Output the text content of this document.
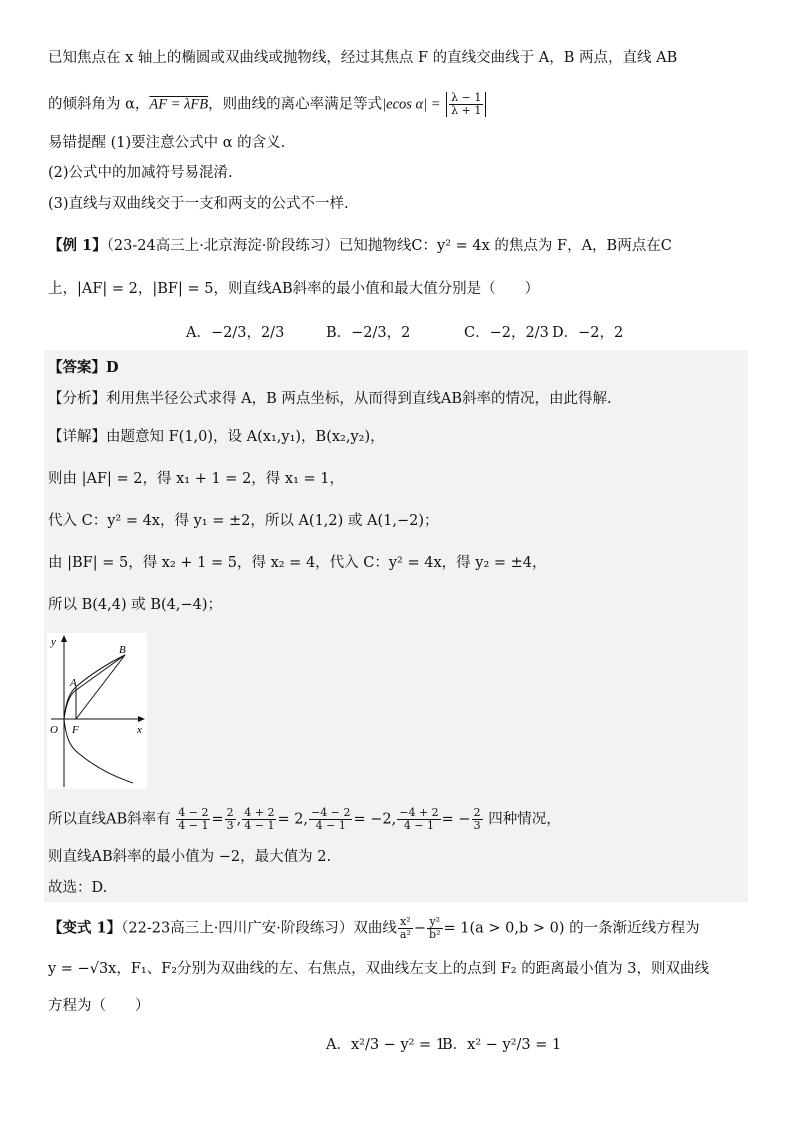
已知焦点在 x 轴上的椭圆或双曲线或抛物线，经过其焦点 F 的直线交曲线于 A，B 两点，直线 AB
的倾斜角为 α，AF = λFB，则曲线的离心率满足等式|ecos $\alpha| = \frac{\lambda - 1}{\lambda + 1}$
易错提醒 (1)要注意公式中 α 的含义.
(2)公式中的加减符号易混淆.
(3)直线与双曲线交于一支和两支的公式不一样.
【例 1】（23-24高三上·北京海淀·阶段练习）已知抛物线C：y² = 4x 的焦点为 F，A，B两点在C
上，|AF| = 2，|BF| = 5，则直线AB斜率的最小值和最大值分别是（　　）
A．−2/3，2/3	B．−2/3，2	C．−2，2/3 D．−2，2
【答案】D
【分析】利用焦半径公式求得 A，B 两点坐标，从而得到直线AB斜率的情况，由此得解.
【详解】由题意知 F(1,0)，设 A(x₁,y₁)，B(x₂,y₂)，
则由 |AF| = 2，得 x₁ + 1 = 2，得 x₁ = 1，
代入 C：y² = 4x，得 y₁ = ±2，所以 A(1,2) 或 A(1,−2)；
由 |BF| = 5，得 x₂ + 1 = 5，得 x₂ = 4，代入 C：y² = 4x，得 y₂ = ±4，
所以 B(4,4) 或 B(4,−4)；
y
x
O F
A
B
所以直线AB斜率有 $\frac{4 - 2}{4 - 1} = \frac{2}{3}$ , $\frac{4 + 2}{4 - 1} = 2$, $\frac{-4 - 2}{4 - 1} = -2$, $\frac{-4 + 2}{4 - 1}$ = − $\frac{2}{3}$ 四种情况，
则直线AB斜率的最小值为 −2，最大值为 2.
故选：D.
【变式 1】（22-23高三上·四川广安·阶段练习）双曲线 $\frac{\text{x²}}{\text{a²}} - \frac{\text{y²}}{\text{b²}} = 1(a > 0,b > 0)$ 的一条渐近线方程为
y = −√3x，F₁、F₂分别为双曲线的左、右焦点，双曲线左支上的点到 F₂ 的距离最小值为 3，则双曲线
方程为（　　）
A．x²/3 − y² = 1
B．x² − y²/3 = 1
